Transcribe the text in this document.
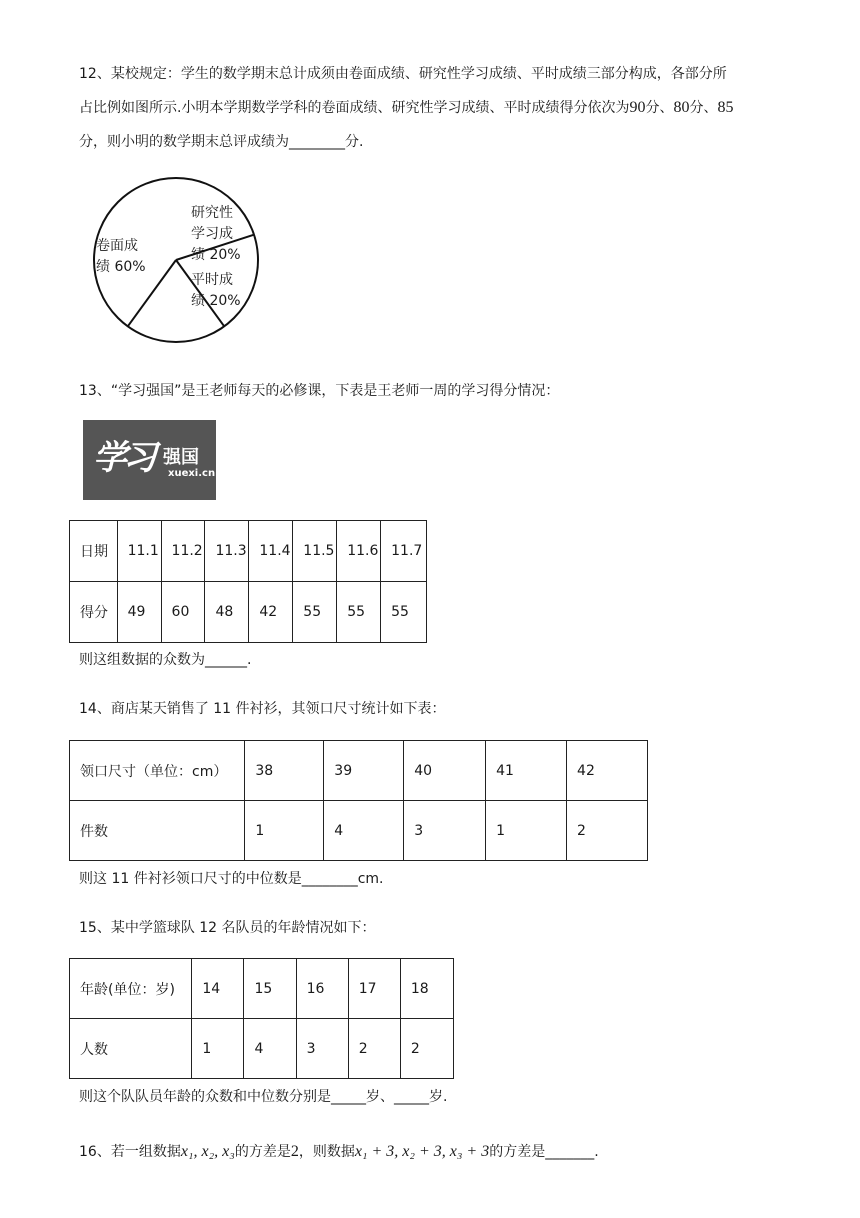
12、某校规定：学生的数学期末总计成须由卷面成绩、研究性学习成绩、平时成绩三部分构成，各部分所
占比例如图所示.小明本学期数学学科的卷面成绩、研究性学习成绩、平时成绩得分依次为90分、80分、85
分，则小明的数学期末总评成绩为________分.
卷面成
绩 60%
研究性
学习成
绩 20%
平时成
绩 20%
13、“学习强国”是王老师每天的必修课，下表是王老师一周的学习得分情况：
学习 强国
xuexi.cn
日期	11.1	11.2	11.3	11.4	11.5	11.6	11.7
得分	49	60	48	42	55	55	55
则这组数据的众数为______.
14、商店某天销售了 11 件衬衫，其领口尺寸统计如下表：
领口尺寸（单位：cm）	38	39	40	41	42
件数	1	4	3	1	2
则这 11 件衬衫领口尺寸的中位数是________cm.
15、某中学篮球队 12 名队员的年龄情况如下：
年龄(单位：岁)	14	15	16	17	18
人数	1	4	3	2	2
则这个队队员年龄的众数和中位数分别是_____岁、_____岁.
16、若一组数据x₁, x₂, x₃的方差是2，则数据x₁ + 3, x₂ + 3, x₃ + 3的方差是_______.
